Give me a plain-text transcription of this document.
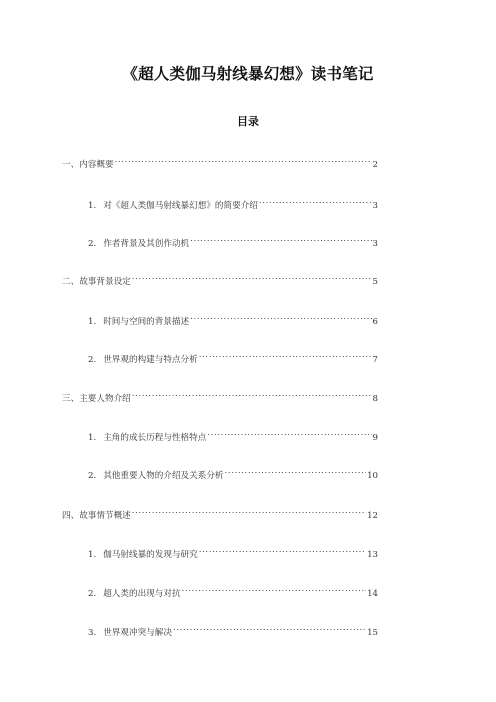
《超人类伽马射线暴幻想》读书笔记
目录
一、内容概要 .....	2
1. 对《超人类伽马射线暴幻想》的简要介绍 .....	3
2. 作者背景及其创作动机 .....	3
二、故事背景设定 .....	5
1. 时间与空间的背景描述 .....	6
2. 世界观的构建与特点分析 .....	7
三、主要人物介绍 .....	8
1. 主角的成长历程与性格特点 .....	9
2. 其他重要人物的介绍及关系分析 .....	10
四、故事情节概述 .....	12
1. 伽马射线暴的发现与研究 .....	13
2. 超人类的出现与对抗 .....	14
3. 世界观冲突与解决 .....	15
